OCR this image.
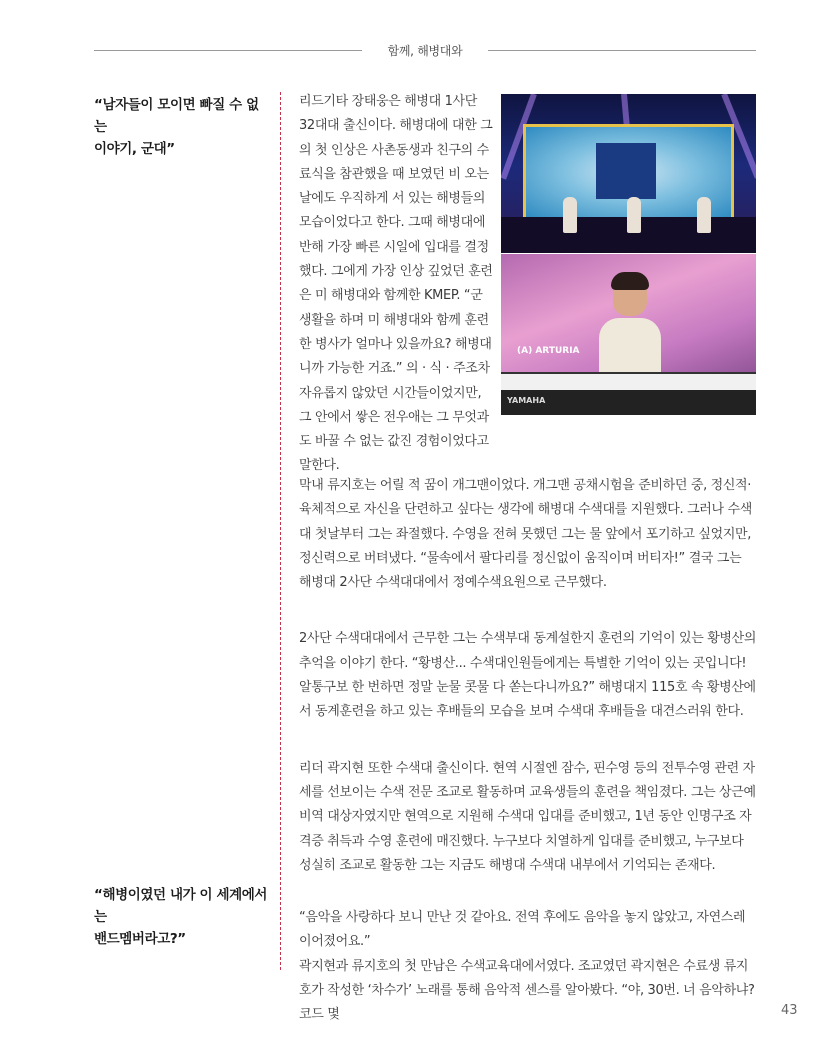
함께, 해병대와
“남자들이 모이면 빠질 수 없는
이야기, 군대”
“해병이였던 내가 이 세계에서는
밴드멤버라고?”
리드기타 장태웅은 해병대 1사단 32대대 출신이다. 해병대에 대한 그의 첫 인상은 사촌동생과 친구의 수료식을 참관했을 때 보였던 비 오는 날에도 우직하게 서 있는 해병들의 모습이었다고 한다. 그때 해병대에 반해 가장 빠른 시일에 입대를 결정했다. 그에게 가장 인상 깊었던 훈련은 미 해병대와 함께한 KMEP. “군 생활을 하며 미 해병대와 함께 훈련한 병사가 얼마나 있을까요? 해병대니까 가능한 거죠.” 의 · 식 · 주조차 자유롭지 않았던 시간들이었지만, 그 안에서 쌓은 전우애는 그 무엇과도 바꿀 수 없는 값진 경험이었다고 말한다.
(A) ARTURIA
YAMAHA

막내 류지호는 어릴 적 꿈이 개그맨이었다. 개그맨 공채시험을 준비하던 중, 정신적·육체적으로 자신을 단련하고 싶다는 생각에 해병대 수색대를 지원했다. 그러나 수색대 첫날부터 그는 좌절했다. 수영을 전혀 못했던 그는 물 앞에서 포기하고 싶었지만, 정신력으로 버텨냈다. “물속에서 팔다리를 정신없이 움직이며 버티자!” 결국 그는 해병대 2사단 수색대대에서 정예수색요원으로 근무했다.

2사단 수색대대에서 근무한 그는 수색부대 동계설한지 훈련의 기억이 있는 황병산의 추억을 이야기 한다. “황병산... 수색대인원들에게는 특별한 기억이 있는 곳입니다! 알통구보 한 번하면 정말 눈물 콧물 다 쏟는다니까요?” 해병대지 115호 속 황병산에서 동계훈련을 하고 있는 후배들의 모습을 보며 수색대 후배들을 대견스러워 한다.

리더 곽지현 또한 수색대 출신이다. 현역 시절엔 잠수, 핀수영 등의 전투수영 관련 자세를 선보이는 수색 전문 조교로 활동하며 교육생들의 훈련을 책임졌다. 그는 상근예비역 대상자였지만 현역으로 지원해 수색대 입대를 준비했고, 1년 동안 인명구조 자격증 취득과 수영 훈련에 매진했다. 누구보다 치열하게 입대를 준비했고, 누구보다 성실히 조교로 활동한 그는 지금도 해병대 수색대 내부에서 기억되는 존재다.

“음악을 사랑하다 보니 만난 것 같아요. 전역 후에도 음악을 놓지 않았고, 자연스레 이어졌어요.”
곽지현과 류지호의 첫 만남은 수색교육대에서였다. 조교였던 곽지현은 수료생 류지호가 작성한 ‘차수가’ 노래를 통해 음악적 센스를 알아봤다. “야, 30번. 너 음악하냐? 코드 몇	43
